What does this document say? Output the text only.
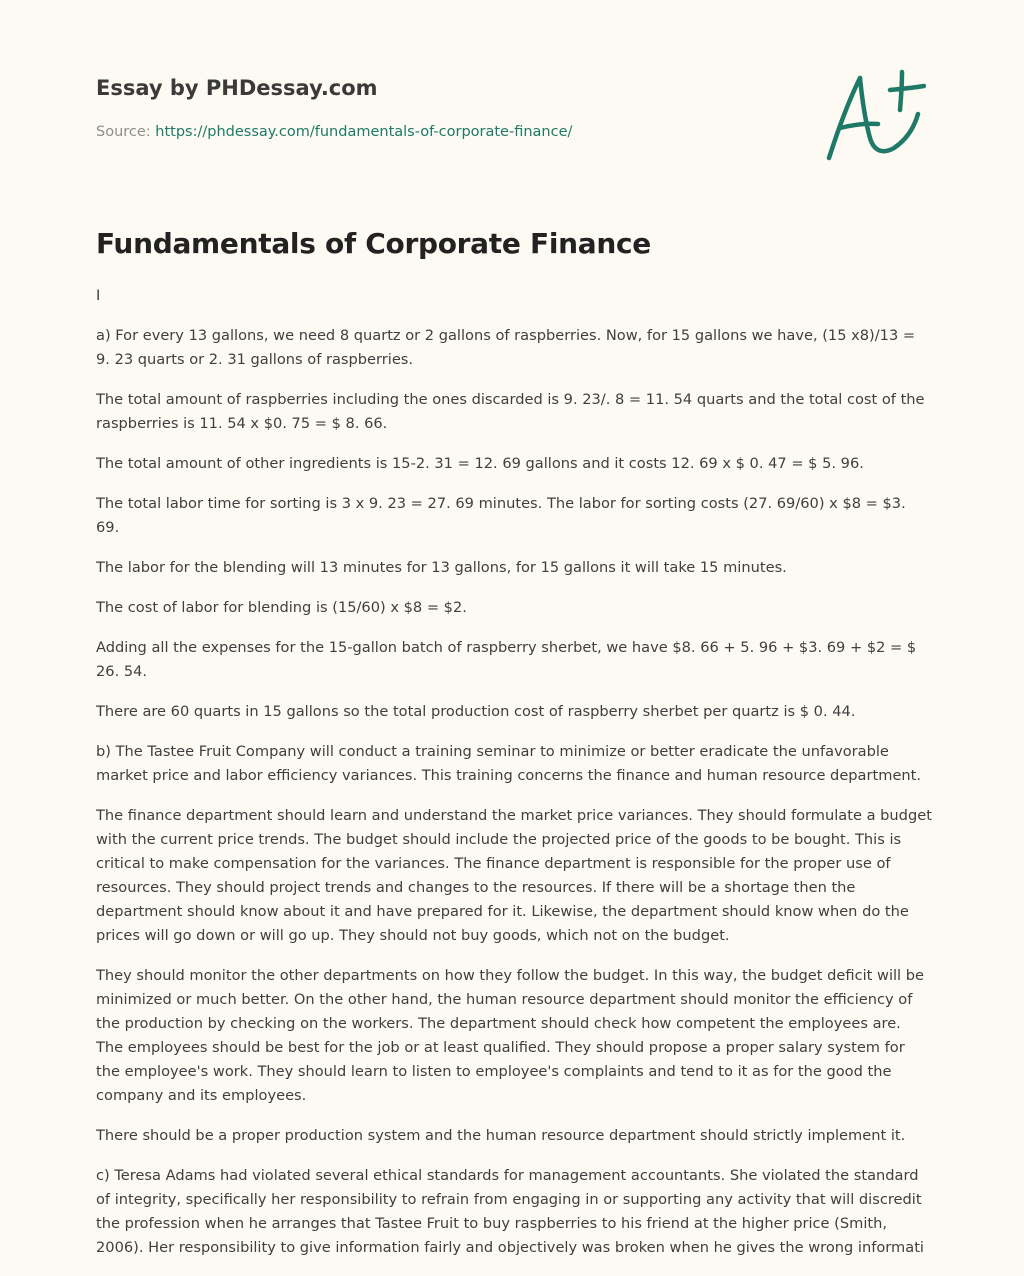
Essay by PHDessay.com
Source: https://phdessay.com/fundamentals-of-corporate-finance/
Fundamentals of Corporate Finance

I

a) For every 13 gallons, we need 8 quartz or 2 gallons of raspberries. Now, for 15 gallons we have, (15 x8)/13 = 9. 23 quarts or 2. 31 gallons of raspberries.

The total amount of raspberries including the ones discarded is 9. 23/. 8 = 11. 54 quarts and the total cost of the raspberries is 11. 54 x $0. 75 = $ 8. 66.

The total amount of other ingredients is 15-2. 31 = 12. 69 gallons and it costs 12. 69 x $ 0. 47 = $ 5. 96.

The total labor time for sorting is 3 x 9. 23 = 27. 69 minutes. The labor for sorting costs (27. 69/60) x $8 = $3. 69.

The labor for the blending will 13 minutes for 13 gallons, for 15 gallons it will take 15 minutes.

The cost of labor for blending is (15/60) x $8 = $2.

Adding all the expenses for the 15-gallon batch of raspberry sherbet, we have $8. 66 + 5. 96 + $3. 69 + $2 = $ 26. 54.

There are 60 quarts in 15 gallons so the total production cost of raspberry sherbet per quartz is $ 0. 44.

b) The Tastee Fruit Company will conduct a training seminar to minimize or better eradicate the unfavorable market price and labor efficiency variances. This training concerns the finance and human resource department.

The finance department should learn and understand the market price variances. They should formulate a budget with the current price trends. The budget should include the projected price of the goods to be bought. This is critical to make compensation for the variances. The finance department is responsible for the proper use of resources. They should project trends and changes to the resources. If there will be a shortage then the department should know about it and have prepared for it. Likewise, the department should know when do the prices will go down or will go up. They should not buy goods, which not on the budget.

They should monitor the other departments on how they follow the budget. In this way, the budget deficit will be minimized or much better. On the other hand, the human resource department should monitor the efficiency of the production by checking on the workers. The department should check how competent the employees are. The employees should be best for the job or at least qualified. They should propose a proper salary system for the employee's work. They should learn to listen to employee's complaints and tend to it as for the good the company and its employees.

There should be a proper production system and the human resource department should strictly implement it.

c) Teresa Adams had violated several ethical standards for management accountants. She violated the standard of integrity, specifically her responsibility to refrain from engaging in or supporting any activity that will discredit the profession when he arranges that Tastee Fruit to buy raspberries to his friend at the higher price (Smith, 2006). Her responsibility to give information fairly and objectively was broken when he gives the wrong informati
